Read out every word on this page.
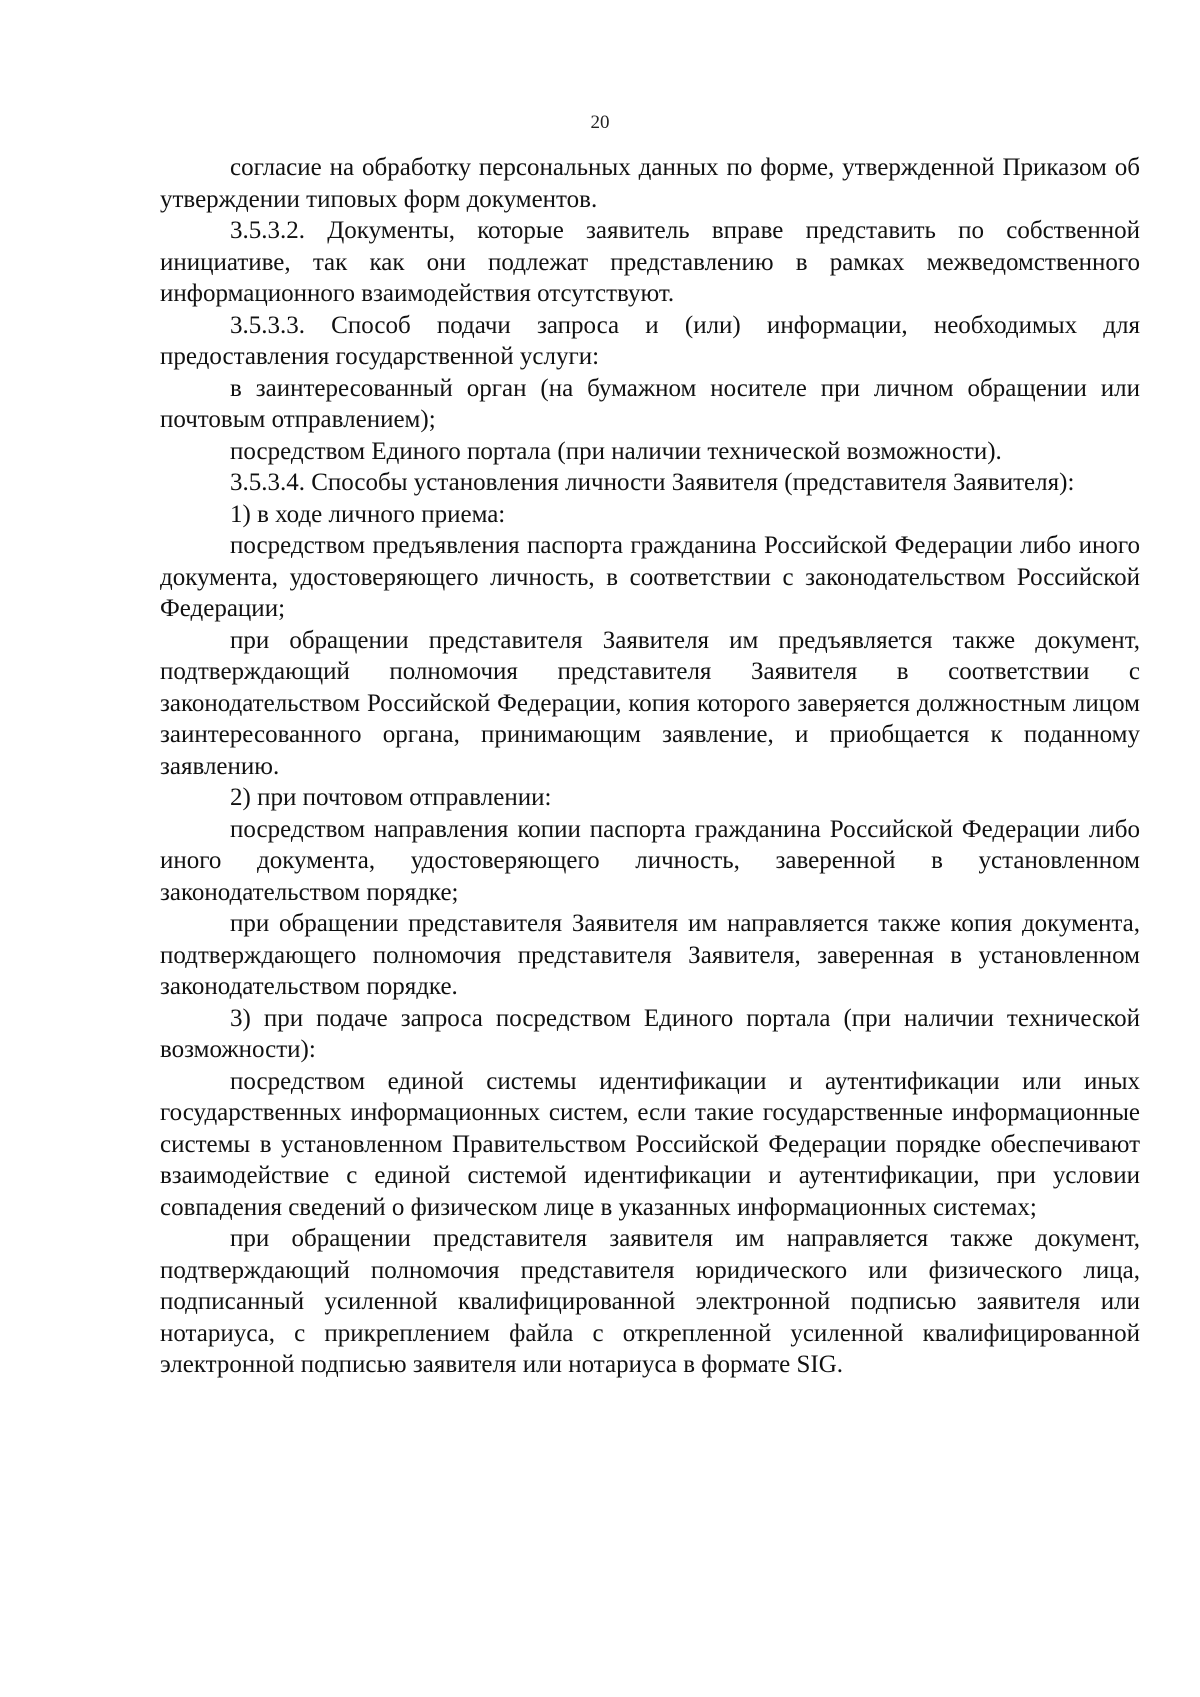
20

согласие на обработку персональных данных по форме, утвержденной Приказом об утверждении типовых форм документов.

3.5.3.2. Документы, которые заявитель вправе представить по собственной инициативе, так как они подлежат представлению в рамках межведомственного информационного взаимодействия отсутствуют.

3.5.3.3. Способ подачи запроса и (или) информации, необходимых для предоставления государственной услуги:

в заинтересованный орган (на бумажном носителе при личном обращении или почтовым отправлением);

посредством Единого портала (при наличии технической возможности).

3.5.3.4. Способы установления личности Заявителя (представителя Заявителя):

1) в ходе личного приема:

посредством предъявления паспорта гражданина Российской Федерации либо иного документа, удостоверяющего личность, в соответствии с законодательством Российской Федерации;

при обращении представителя Заявителя им предъявляется также документ, подтверждающий полномочия представителя Заявителя в соответствии с законодательством Российской Федерации, копия которого заверяется должностным лицом заинтересованного органа, принимающим заявление, и приобщается к поданному заявлению.

2) при почтовом отправлении:

посредством направления копии паспорта гражданина Российской Федерации либо иного документа, удостоверяющего личность, заверенной в установленном законодательством порядке;

при обращении представителя Заявителя им направляется также копия документа, подтверждающего полномочия представителя Заявителя, заверенная в установленном законодательством порядке.

3) при подаче запроса посредством Единого портала (при наличии технической возможности):

посредством единой системы идентификации и аутентификации или иных государственных информационных систем, если такие государственные информационные системы в установленном Правительством Российской Федерации порядке обеспечивают взаимодействие с единой системой идентификации и аутентификации, при условии совпадения сведений о физическом лице в указанных информационных системах;

при обращении представителя заявителя им направляется также документ, подтверждающий полномочия представителя юридического или физического лица, подписанный усиленной квалифицированной электронной подписью заявителя или нотариуса, с прикреплением файла с открепленной усиленной квалифицированной электронной подписью заявителя или нотариуса в формате SIG.
